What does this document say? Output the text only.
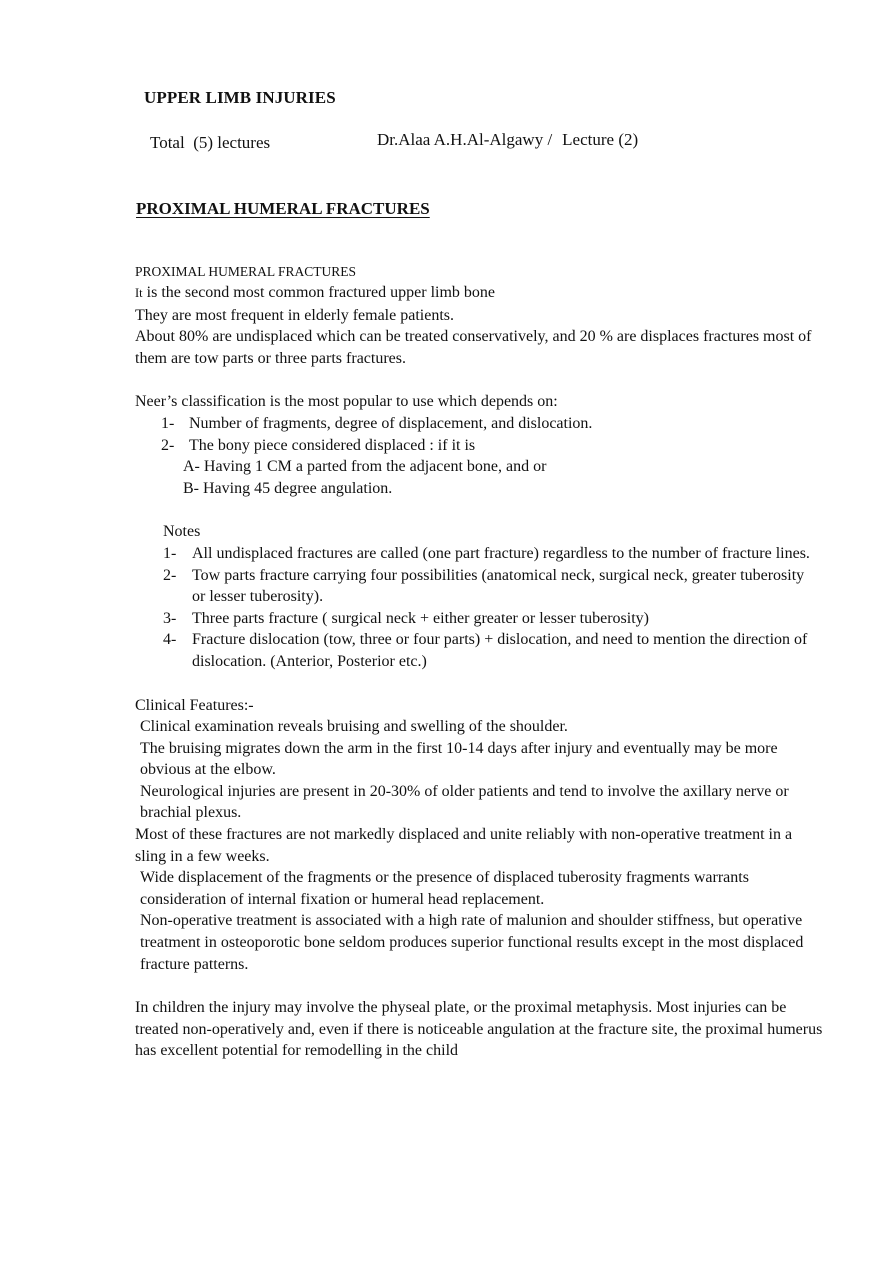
UPPER LIMB INJURIES
Total  (5) lectures	Dr.Alaa A.H.Al-Algawy / Lecture (2)
PROXIMAL HUMERAL FRACTURES

PROXIMAL HUMERAL FRACTURES

It is the second most common fractured upper limb bone

They are most frequent in elderly female patients.

About 80% are undisplaced which can be treated conservatively, and 20 % are displaces fractures most of them are tow parts or three parts fractures.

Neer’s classification is the most popular to use which depends on:

1- Number of fragments, degree of displacement, and dislocation.
2- The bony piece considered displaced : if it is

A- Having 1 CM a parted from the adjacent bone, and or

B- Having 45 degree angulation.

Notes

1- All undisplaced fractures are called (one part fracture) regardless to the number of fracture lines.
2- Tow parts fracture carrying four possibilities (anatomical neck, surgical neck, greater tuberosity or lesser tuberosity).
3- Three parts fracture ( surgical neck + either greater or lesser tuberosity)
4- Fracture dislocation (tow, three or four parts) + dislocation, and need to mention the direction of dislocation. (Anterior, Posterior etc.)

Clinical Features:-

Clinical examination reveals bruising and swelling of the shoulder.

The bruising migrates down the arm in the first 10-14 days after injury and eventually may be more obvious at the elbow.

Neurological injuries are present in 20-30% of older patients and tend to involve the axillary nerve or brachial plexus.

Most of these fractures are not markedly displaced and unite reliably with non-operative treatment in a sling in a few weeks.

Wide displacement of the fragments or the presence of displaced tuberosity fragments warrants consideration of internal fixation or humeral head replacement.

Non-operative treatment is associated with a high rate of malunion and shoulder stiffness, but operative treatment in osteoporotic bone seldom produces superior functional results except in the most displaced fracture patterns.

In children the injury may involve the physeal plate, or the proximal metaphysis. Most injuries can be treated non-operatively and, even if there is noticeable angulation at the fracture site, the proximal humerus has excellent potential for remodelling in the child
